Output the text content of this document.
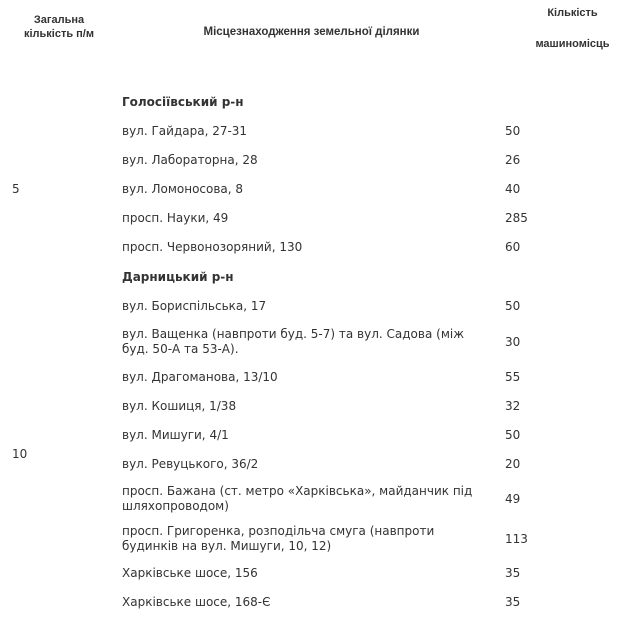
Загальна
кількість п/м	Місцезнаходження земельної ділянки	Кількість
машиномісць

	Голосіївський р-н	
5	вул. Гайдара, 27-31	50
	вул. Лабораторна, 28	26
	вул. Ломоносова, 8	40
	просп. Науки, 49	285
	просп. Червонозоряний, 130	60
	Дарницький р-н	
10	вул. Бориспільська, 17	50
	вул. Ващенка (навпроти буд. 5-7) та вул. Садова (між буд. 50-А та 53-А).	30
	вул. Драгоманова, 13/10	55
	вул. Кошиця, 1/38	32
	вул. Мишуги, 4/1	50
	вул. Ревуцького, 36/2	20
	просп. Бажана (ст. метро «Харківська», майданчик під шляхопроводом)	49
	просп. Григоренка, розподільча смуга (навпроти будинків на вул. Мишуги, 10, 12)	113
	Харківське шосе, 156	35
	Харківське шосе, 168-Є	35
